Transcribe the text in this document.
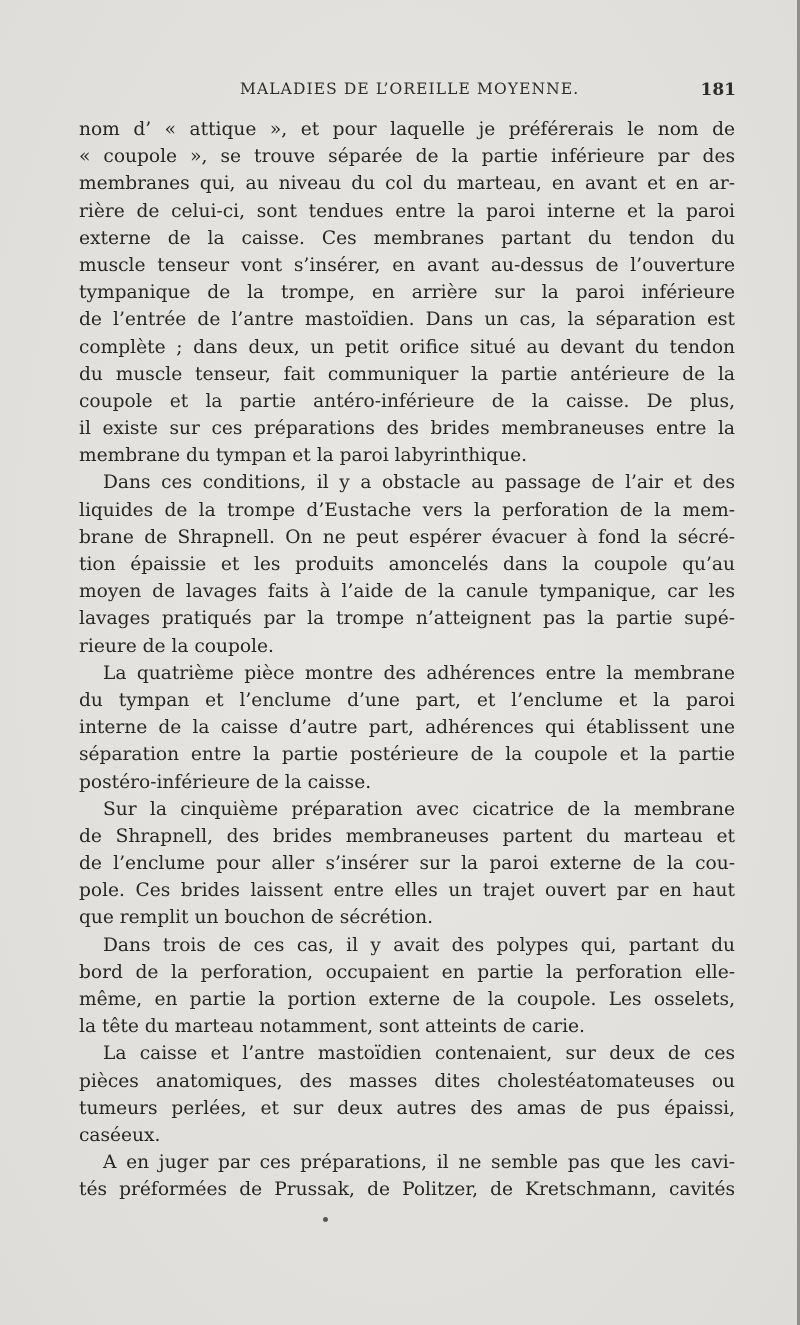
MALADIES DE L’OREILLE MOYENNE.	181
nom d’ « attique », et pour laquelle je préférerais le nom de
« coupole », se trouve séparée de la partie inférieure par des
membranes qui, au niveau du col du marteau, en avant et en ar-
rière de celui-ci, sont tendues entre la paroi interne et la paroi
externe de la caisse. Ces membranes partant du tendon du
muscle tenseur vont s’insérer, en avant au-dessus de l’ouverture
tympanique de la trompe, en arrière sur la paroi inférieure
de l’entrée de l’antre mastoïdien. Dans un cas, la séparation est
complète ; dans deux, un petit orifice situé au devant du tendon
du muscle tenseur, fait communiquer la partie antérieure de la
coupole et la partie antéro-inférieure de la caisse. De plus,
il existe sur ces préparations des brides membraneuses entre la
membrane du tympan et la paroi labyrinthique.
Dans ces conditions, il y a obstacle au passage de l’air et des
liquides de la trompe d’Eustache vers la perforation de la mem-
brane de Shrapnell. On ne peut espérer évacuer à fond la sécré-
tion épaissie et les produits amoncelés dans la coupole qu’au
moyen de lavages faits à l’aide de la canule tympanique, car les
lavages pratiqués par la trompe n’atteignent pas la partie supé-
rieure de la coupole.
La quatrième pièce montre des adhérences entre la membrane
du tympan et l’enclume d’une part, et l’enclume et la paroi
interne de la caisse d’autre part, adhérences qui établissent une
séparation entre la partie postérieure de la coupole et la partie
postéro-inférieure de la caisse.
Sur la cinquième préparation avec cicatrice de la membrane
de Shrapnell, des brides membraneuses partent du marteau et
de l’enclume pour aller s’insérer sur la paroi externe de la cou-
pole. Ces brides laissent entre elles un trajet ouvert par en haut
que remplit un bouchon de sécrétion.
Dans trois de ces cas, il y avait des polypes qui, partant du
bord de la perforation, occupaient en partie la perforation elle-
même, en partie la portion externe de la coupole. Les osselets,
la tête du marteau notamment, sont atteints de carie.
La caisse et l’antre mastoïdien contenaient, sur deux de ces
pièces anatomiques, des masses dites cholestéatomateuses ou
tumeurs perlées, et sur deux autres des amas de pus épaissi,
caséeux.
A en juger par ces préparations, il ne semble pas que les cavi-
tés préformées de Prussak, de Politzer, de Kretschmann, cavités
